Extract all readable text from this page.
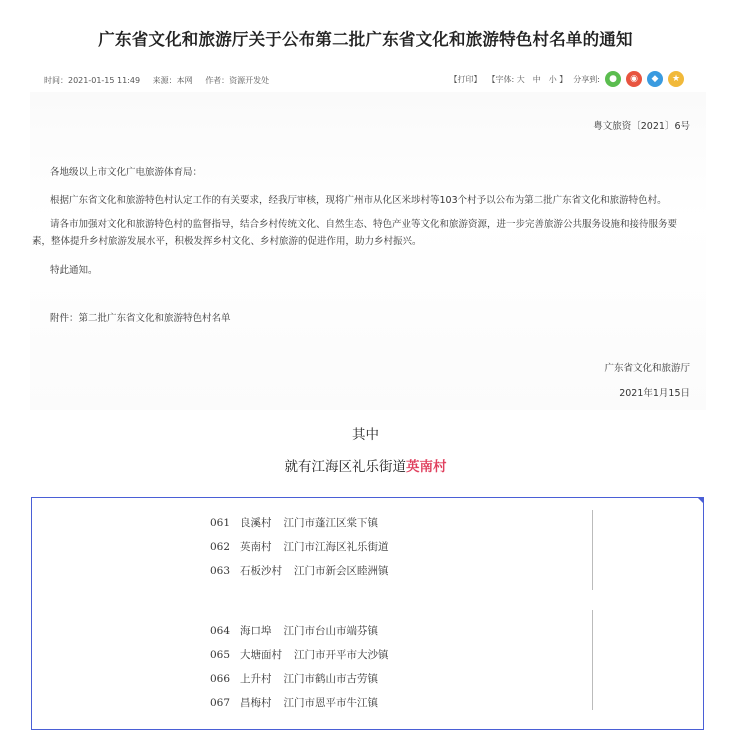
广东省文化和旅游厅关于公布第二批广东省文化和旅游特色村名单的通知
时间：2021-01-15 11:49 来源：本网 作者：资源开发处	【打印】 【字体: 大　中　小 】 分享到:	●	◉	◆	★
粤文旅资〔2021〕6号
各地级以上市文化广电旅游体育局：
根据广东省文化和旅游特色村认定工作的有关要求，经我厅审核，现将广州市从化区米埗村等103个村予以公布为第二批广东省文化和旅游特色村。
请各市加强对文化和旅游特色村的监督指导，结合乡村传统文化、自然生态、特色产业等文化和旅游资源，进一步完善旅游公共服务设施和接待服务要
素，整体提升乡村旅游发展水平，积极发挥乡村文化、乡村旅游的促进作用，助力乡村振兴。
特此通知。
附件：第二批广东省文化和旅游特色村名单
广东省文化和旅游厅
2021年1月15日
其中
就有江海区礼乐街道英南村
061 良溪村 江门市蓬江区棠下镇
062 英南村 江门市江海区礼乐街道
063 石板沙村 江门市新会区睦洲镇
064 海口埠 江门市台山市端芬镇
065 大塘面村 江门市开平市大沙镇
066 上升村 江门市鹤山市古劳镇
067 昌梅村 江门市恩平市牛江镇
